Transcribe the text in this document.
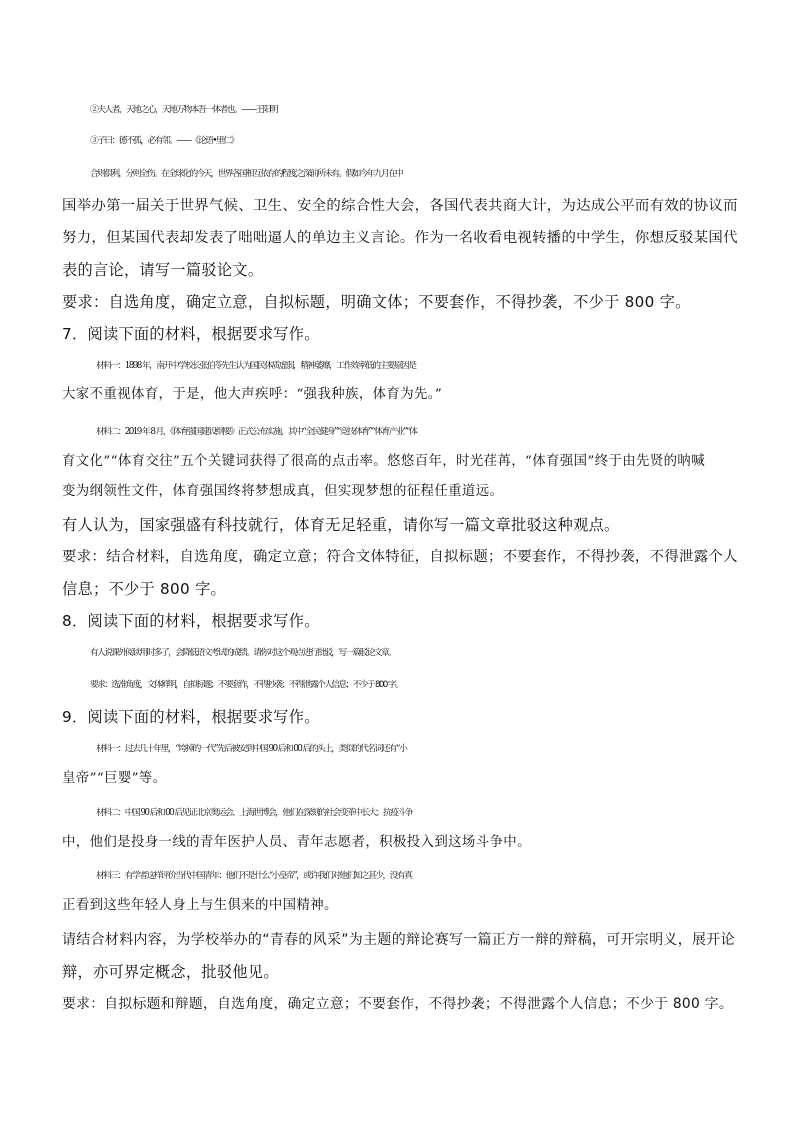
②夫人者，天地之心，天地万物本吾一体者也。——王阳明
③子曰：德不孤，必有邻。——《论语•里仁》
合则俱利，分则全伤。在全球化的今天，世界各国相互依存的程度之深前所未有。假如今年九月在中
国举办第一届关于世界气候、卫生、安全的综合性大会，各国代表共商大计，为达成公平而有效的协议而
努力，但某国代表却发表了咄咄逼人的单边主义言论。作为一名收看电视转播的中学生，你想反驳某国代
表的言论，请写一篇驳论文。
要求：自选角度，确定立意，自拟标题，明确文体；不要套作，不得抄袭，不少于 800 字。
7．阅读下面的材料，根据要求写作。
材料一：1898 年，南开中学校长张伯苓先生认为国民体质虚弱，精神萎靡，工作效率低的主要原因是
大家不重视体育，于是，他大声疾呼：“强我种族，体育为先。”
材料二：2019 年 8 月，《体育强国建设纲要》正式公布实施，其中“全民健身”“竞技体育”“体育产业”“体
育文化”“体育交往”五个关键词获得了很高的点击率。悠悠百年，时光荏苒，“体育强国”终于由先贤的呐喊
变为纲领性文件，体育强国终将梦想成真，但实现梦想的征程任重道远。
有人认为，国家强盛有科技就行，体育无足轻重，请你写一篇文章批驳这种观点。
要求：结合材料，自选角度，确定立意；符合文体特征，自拟标题；不要套作，不得抄袭，不得泄露个人
信息；不少于 800 字。
8．阅读下面的材料，根据要求写作。
有人说课外阅读用时多了，会降低语文考试的成绩。请你对这个观点进行批驳，写一篇驳论文章。
要求：选准角度，文体鲜明，自拟标题；不要套作，不得抄袭；不得泄露个人信息；不少于 800 字。
9．阅读下面的材料，根据要求写作。
材料一：过去几十年里，“垮掉的一代”先后被安到中国 90 后和 00 后的头上，类似的代名词还有“小
皇帝”“巨婴”等。
材料二：中国 90 后和 00 后见证北京奥运会、上海世博会，他们在深刻的社会变革中长大；抗疫斗争
中，他们是投身一线的青年医护人员、青年志愿者，积极投入到这场斗争中。
材料三：有学者这样评价当代中国青年：他们不是什么“小皇帝”，或许我们对他们知之甚少，没有真
正看到这些年轻人身上与生俱来的中国精神。
请结合材料内容，为学校举办的“青春的风采”为主题的辩论赛写一篇正方一辩的辩稿，可开宗明义，展开论
辩，亦可界定概念，批驳他见。
要求：自拟标题和辩题，自选角度，确定立意；不要套作，不得抄袭；不得泄露个人信息；不少于 800 字。
